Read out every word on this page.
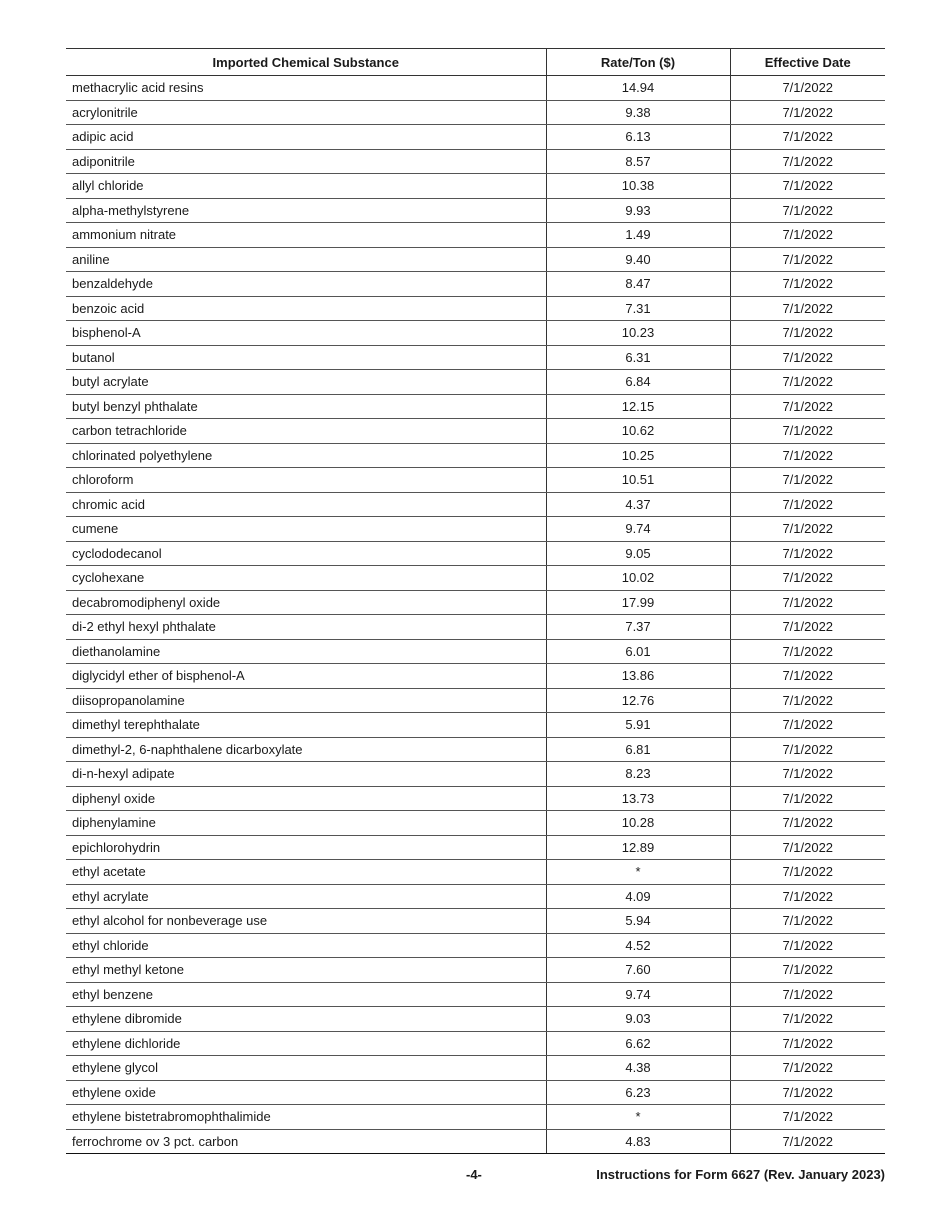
Imported Chemical Substance	Rate/Ton ($)	Effective Date
methacrylic acid resins	14.94	7/1/2022
acrylonitrile	9.38	7/1/2022
adipic acid	6.13	7/1/2022
adiponitrile	8.57	7/1/2022
allyl chloride	10.38	7/1/2022
alpha-methylstyrene	9.93	7/1/2022
ammonium nitrate	1.49	7/1/2022
aniline	9.40	7/1/2022
benzaldehyde	8.47	7/1/2022
benzoic acid	7.31	7/1/2022
bisphenol-A	10.23	7/1/2022
butanol	6.31	7/1/2022
butyl acrylate	6.84	7/1/2022
butyl benzyl phthalate	12.15	7/1/2022
carbon tetrachloride	10.62	7/1/2022
chlorinated polyethylene	10.25	7/1/2022
chloroform	10.51	7/1/2022
chromic acid	4.37	7/1/2022
cumene	9.74	7/1/2022
cyclododecanol	9.05	7/1/2022
cyclohexane	10.02	7/1/2022
decabromodiphenyl oxide	17.99	7/1/2022
di-2 ethyl hexyl phthalate	7.37	7/1/2022
diethanolamine	6.01	7/1/2022
diglycidyl ether of bisphenol-A	13.86	7/1/2022
diisopropanolamine	12.76	7/1/2022
dimethyl terephthalate	5.91	7/1/2022
dimethyl-2, 6-naphthalene dicarboxylate	6.81	7/1/2022
di-n-hexyl adipate	8.23	7/1/2022
diphenyl oxide	13.73	7/1/2022
diphenylamine	10.28	7/1/2022
epichlorohydrin	12.89	7/1/2022
ethyl acetate	*	7/1/2022
ethyl acrylate	4.09	7/1/2022
ethyl alcohol for nonbeverage use	5.94	7/1/2022
ethyl chloride	4.52	7/1/2022
ethyl methyl ketone	7.60	7/1/2022
ethyl benzene	9.74	7/1/2022
ethylene dibromide	9.03	7/1/2022
ethylene dichloride	6.62	7/1/2022
ethylene glycol	4.38	7/1/2022
ethylene oxide	6.23	7/1/2022
ethylene bistetrabromophthalimide	*	7/1/2022
ferrochrome ov 3 pct. carbon	4.83	7/1/2022
-4-	Instructions for Form 6627 (Rev. January 2023)
